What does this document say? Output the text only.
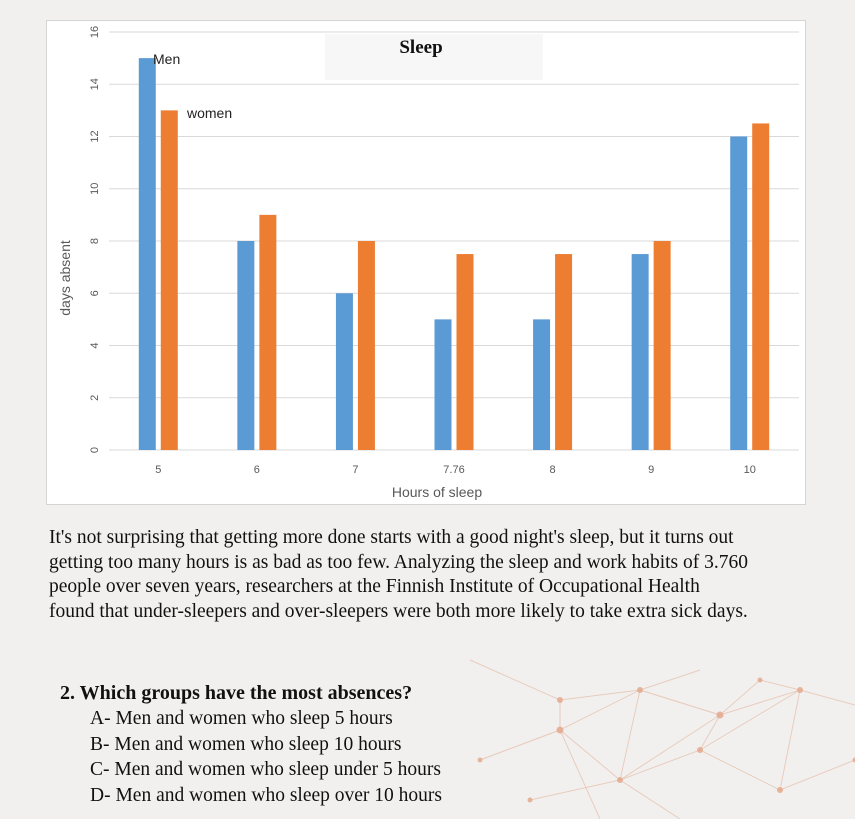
Sleep
0
2
4
6
8
10
12
14
16
5	6	7	7.76	8	9	10
Men
women
Hours of sleep
days absent

It's not surprising that getting more done starts with a good night's sleep, but it turns out getting too many hours is as bad as too few. Analyzing the sleep and work habits of 3.760 people over seven years, researchers at the Finnish Institute of Occupational Health found that under-sleepers and over-sleepers were both more likely to take extra sick days.

2. Which groups have the most absences?

A- Men and women who sleep 5 hours

B- Men and women who sleep 10 hours

C- Men and women who sleep under 5 hours

D- Men and women who sleep over 10 hours
